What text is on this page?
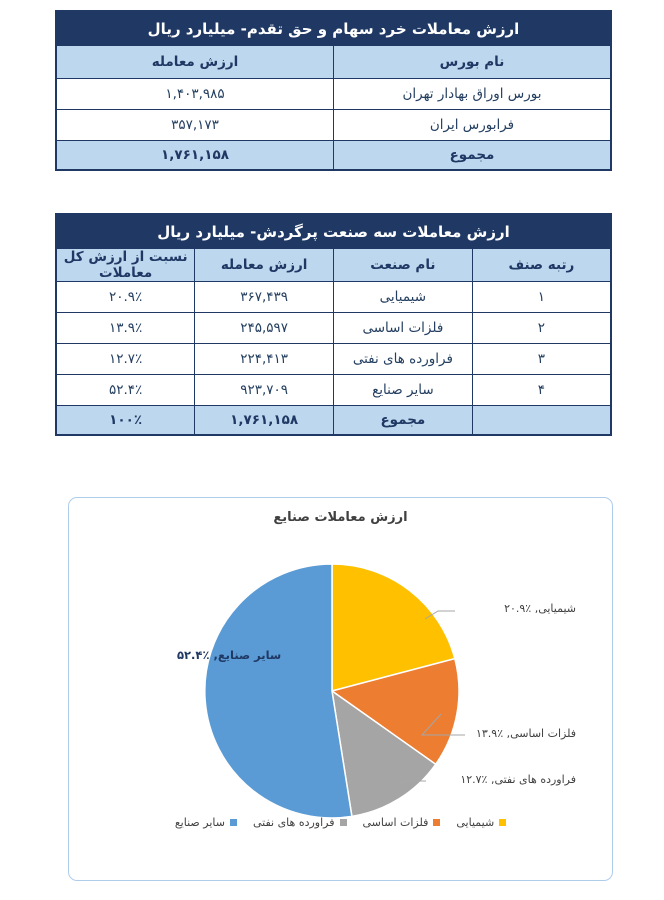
ارزش معاملات خرد سهام و حق تقدم- میلیارد ریال	
نام بورس	ارزش معامله
بورس اوراق بهادار تهران	۱,۴۰۳,۹۸۵
فرابورس ایران	۳۵۷,۱۷۳
مجموع	۱,۷۶۱,۱۵۸
ارزش معاملات سه صنعت پرگردش- میلیارد ریال			
رتبه صنف	نام صنعت	ارزش معامله	نسبت از ارزش کل معاملات
۱	شیمیایی	۳۶۷,۴۳۹	۲۰.۹٪
۲	فلزات اساسی	۲۴۵,۵۹۷	۱۳.۹٪
۳	فراورده های نفتی	۲۲۴,۴۱۳	۱۲.۷٪
۴	سایر صنایع	۹۲۳,۷۰۹	۵۲.۴٪
	مجموع	۱,۷۶۱,۱۵۸	۱۰۰٪
ارزش معاملات صنایع
شیمیایی, ٪۲۰.۹
فلزات اساسی, ٪۱۳.۹
فراورده های نفتی, ٪۱۲.۷
سایر صنایع, ٪۵۲.۴
شیمیایی
فلزات اساسی
فراورده های نفتی
سایر صنایع
